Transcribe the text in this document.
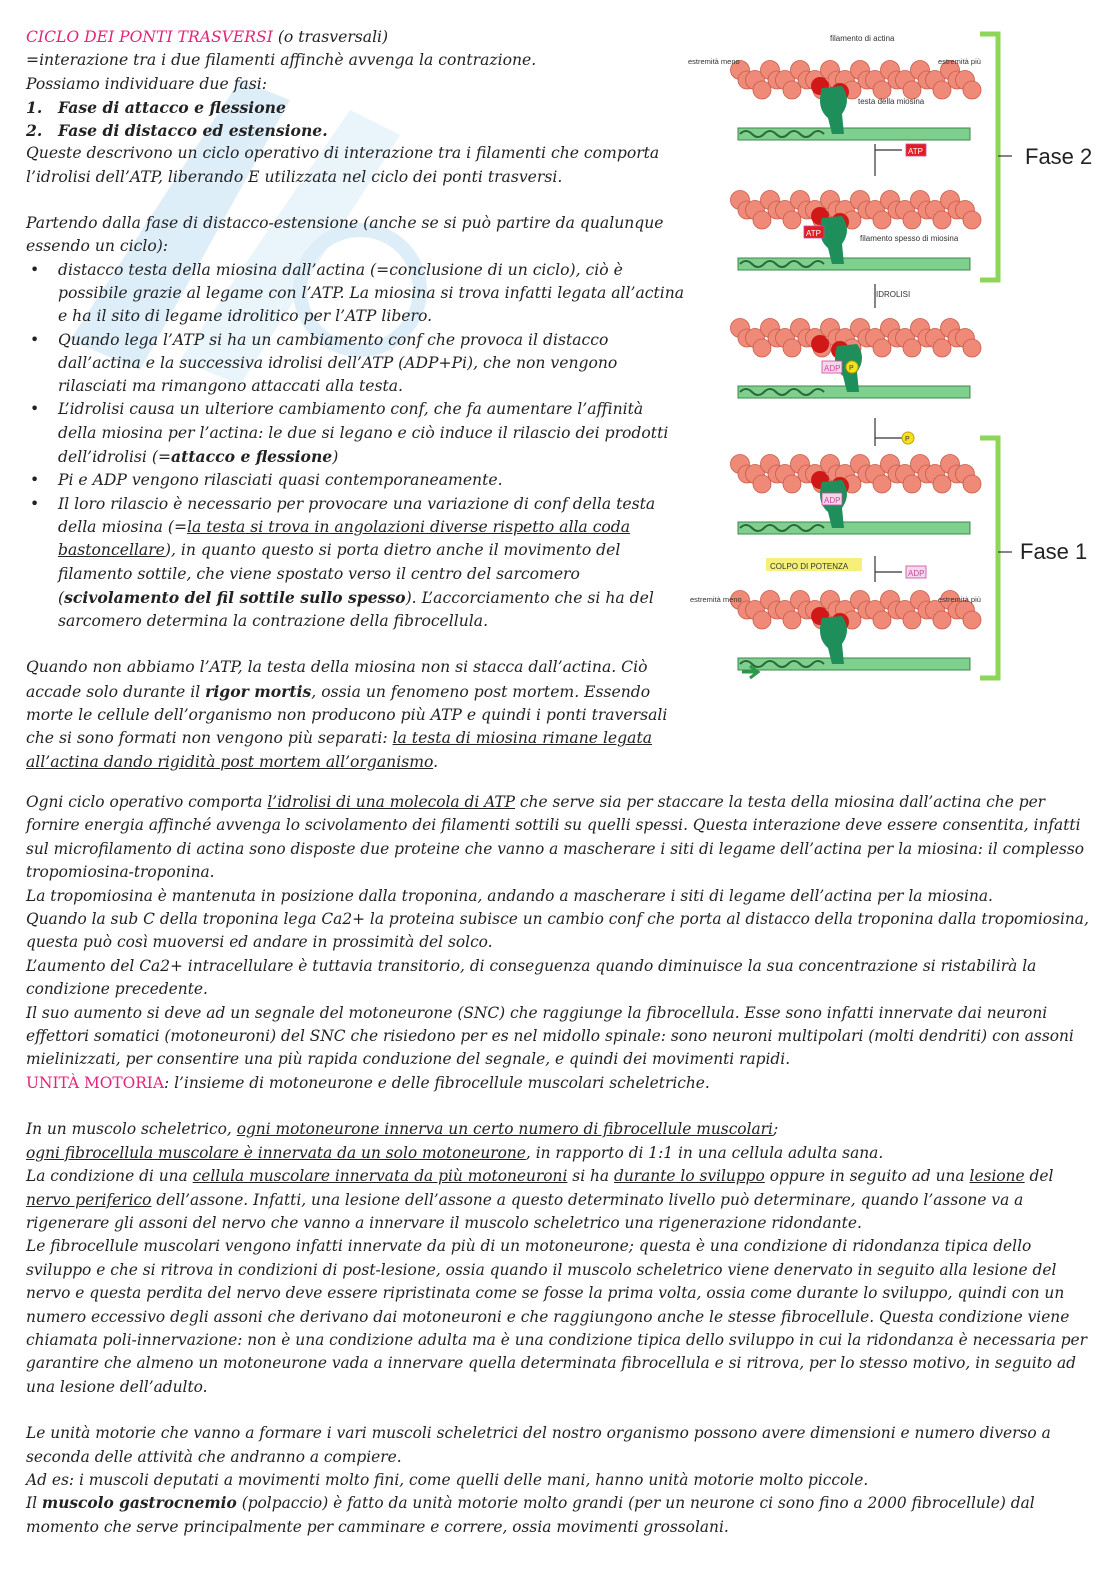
CICLO DEI PONTI TRASVERSI (o trasversali)

=interazione tra i due filamenti affinchè avvenga la contrazione.

Possiamo individuare due fasi:

1. Fase di attacco e flessione
2. Fase di distacco ed estensione.

Queste descrivono un ciclo operativo di interazione tra i filamenti che comporta l’idrolisi dell’ATP, liberando E utilizzata nel ciclo dei ponti trasversi.

Partendo dalla fase di distacco-estensione (anche se si può partire da qualunque essendo un ciclo):

• distacco testa della miosina dall’actina (=conclusione di un ciclo), ciò è possibile grazie al legame con l’ATP. La miosina si trova infatti legata all’actina e ha il sito di legame idrolitico per l’ATP libero.
• Quando lega l’ATP si ha un cambiamento conf che provoca il distacco dall’actina e la successiva idrolisi dell’ATP (ADP+Pi), che non vengono rilasciati ma rimangono attaccati alla testa.
• L’idrolisi causa un ulteriore cambiamento conf, che fa aumentare l’affinità della miosina per l’actina: le due si legano e ciò induce il rilascio dei prodotti dell’idrolisi (=attacco e flessione)
• Pi e ADP vengono rilasciati quasi contemporaneamente.
• Il loro rilascio è necessario per provocare una variazione di conf della testa della miosina (=la testa si trova in angolazioni diverse rispetto alla coda bastoncellare), in quanto questo si porta dietro anche il movimento del filamento sottile, che viene spostato verso il centro del sarcomero (scivolamento del fil sottile sullo spesso). L’accorciamento che si ha del sarcomero determina la contrazione della fibrocellula.

Quando non abbiamo l’ATP, la testa della miosina non si stacca dall’actina. Ciò accade solo durante il rigor mortis, ossia un fenomeno post mortem. Essendo morte le cellule dell’organismo non producono più ATP e quindi i ponti traversali che si sono formati non vengono più separati: la testa di miosina rimane legata all’actina dando rigidità post mortem all’organismo.

ATP
ATP
ADP P
P
ADP
ADP
filamento di actina
estremità meno	estremità più
testa della miosina
filamento spesso di miosina
IDROLISI
COLPO DI POTENZA
estremità meno	estremità più
Fase 2
Fase 1

Ogni ciclo operativo comporta l’idrolisi di una molecola di ATP che serve sia per staccare la testa della miosina dall’actina che per fornire energia affinché avvenga lo scivolamento dei filamenti sottili su quelli spessi. Questa interazione deve essere consentita, infatti sul microfilamento di actina sono disposte due proteine che vanno a mascherare i siti di legame dell’actina per la miosina: il complesso tropomiosina-troponina.

La tropomiosina è mantenuta in posizione dalla troponina, andando a mascherare i siti di legame dell’actina per la miosina.

Quando la sub C della troponina lega Ca2+ la proteina subisce un cambio conf che porta al distacco della troponina dalla tropomiosina, questa può così muoversi ed andare in prossimità del solco.

L’aumento del Ca2+ intracellulare è tuttavia transitorio, di conseguenza quando diminuisce la sua concentrazione si ristabilirà la condizione precedente.

Il suo aumento si deve ad un segnale del motoneurone (SNC) che raggiunge la fibrocellula. Esse sono infatti innervate dai neuroni effettori somatici (motoneuroni) del SNC che risiedono per es nel midollo spinale: sono neuroni multipolari (molti dendriti) con assoni mielinizzati, per consentire una più rapida conduzione del segnale, e quindi dei movimenti rapidi.

UNITÀ MOTORIA: l’insieme di motoneurone e delle fibrocellule muscolari scheletriche.

In un muscolo scheletrico, ogni motoneurone innerva un certo numero di fibrocellule muscolari;

ogni fibrocellula muscolare è innervata da un solo motoneurone, in rapporto di 1:1 in una cellula adulta sana.

La condizione di una cellula muscolare innervata da più motoneuroni si ha durante lo sviluppo oppure in seguito ad una lesione del nervo periferico dell’assone. Infatti, una lesione dell’assone a questo determinato livello può determinare, quando l’assone va a rigenerare gli assoni del nervo che vanno a innervare il muscolo scheletrico una rigenerazione ridondante.

Le fibrocellule muscolari vengono infatti innervate da più di un motoneurone; questa è una condizione di ridondanza tipica dello sviluppo e che si ritrova in condizioni di post-lesione, ossia quando il muscolo scheletrico viene denervato in seguito alla lesione del nervo e questa perdita del nervo deve essere ripristinata come se fosse la prima volta, ossia come durante lo sviluppo, quindi con un numero eccessivo degli assoni che derivano dai motoneuroni e che raggiungono anche le stesse fibrocellule. Questa condizione viene chiamata poli-innervazione: non è una condizione adulta ma è una condizione tipica dello sviluppo in cui la ridondanza è necessaria per garantire che almeno un motoneurone vada a innervare quella determinata fibrocellula e si ritrova, per lo stesso motivo, in seguito ad una lesione dell’adulto.

Le unità motorie che vanno a formare i vari muscoli scheletrici del nostro organismo possono avere dimensioni e numero diverso a seconda delle attività che andranno a compiere.

Ad es: i muscoli deputati a movimenti molto fini, come quelli delle mani, hanno unità motorie molto piccole.

Il muscolo gastrocnemio (polpaccio) è fatto da unità motorie molto grandi (per un neurone ci sono fino a 2000 fibrocellule) dal momento che serve principalmente per camminare e correre, ossia movimenti grossolani.
